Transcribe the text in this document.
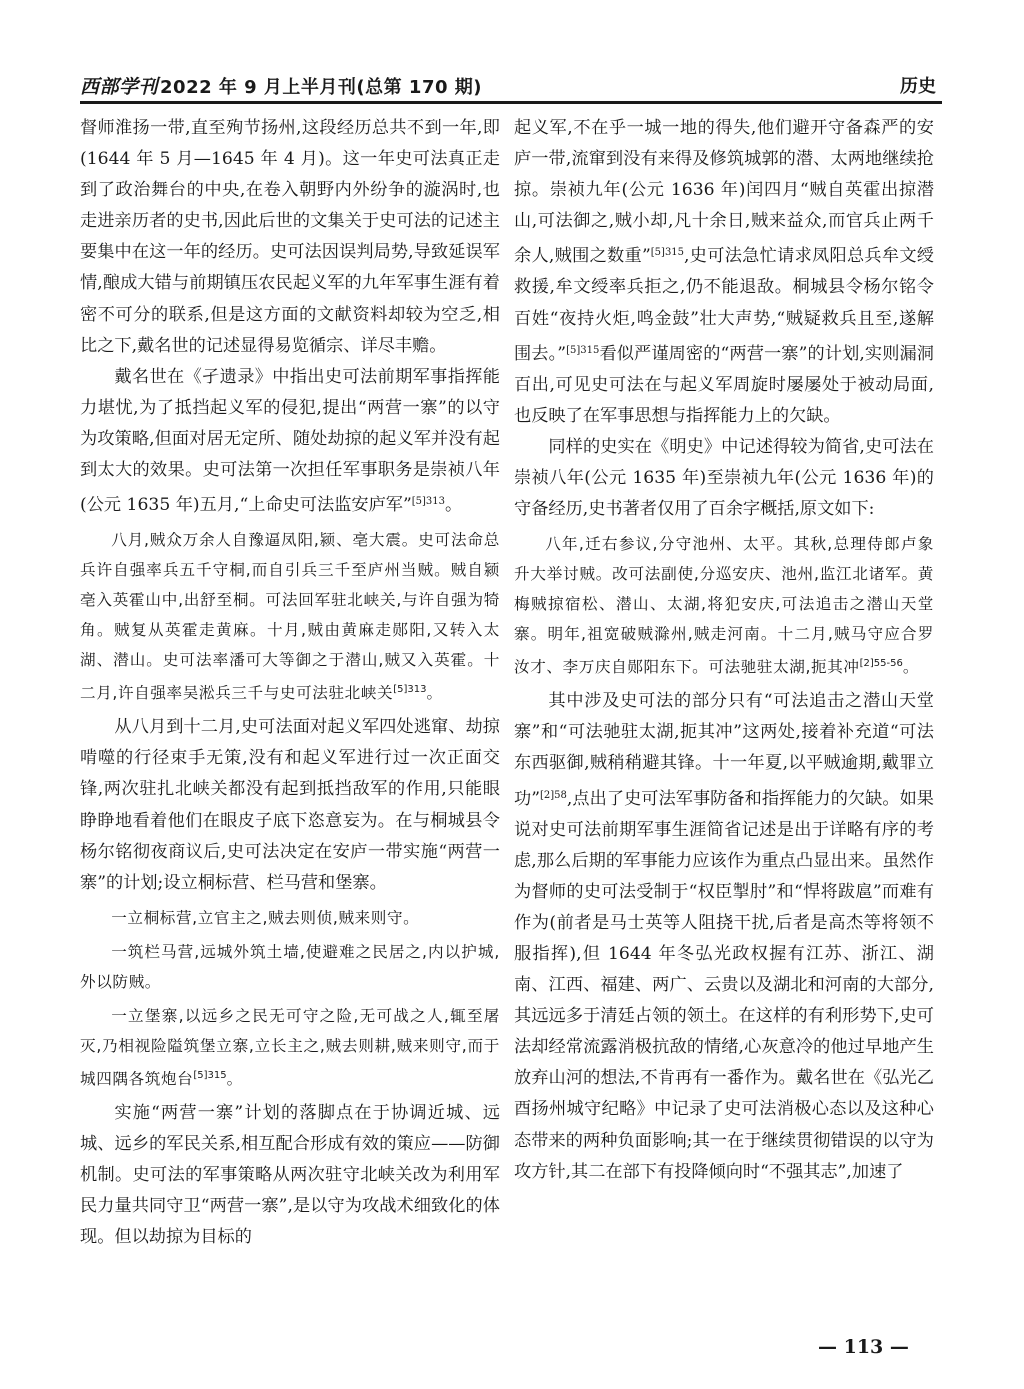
西部学刊 2022 年 9 月上半月刊(总第 170 期)	历史

督师淮扬一带,直至殉节扬州,这段经历总共不到一年,即(1644 年 5 月—1645 年 4 月)。这一年史可法真正走到了政治舞台的中央,在卷入朝野内外纷争的漩涡时,也走进亲历者的史书,因此后世的文集关于史可法的记述主要集中在这一年的经历。史可法因误判局势,导致延误军情,酿成大错与前期镇压农民起义军的九年军事生涯有着密不可分的联系,但是这方面的文献资料却较为空乏,相比之下,戴名世的记述显得易览循宗、详尽丰赡。

戴名世在《孑遗录》中指出史可法前期军事指挥能力堪忧,为了抵挡起义军的侵犯,提出“两营一寨”的以守为攻策略,但面对居无定所、随处劫掠的起义军并没有起到太大的效果。史可法第一次担任军事职务是崇祯八年(公元 1635 年)五月,“上命史可法监安庐军”$^{[5]313}$。

八月,贼众万余人自豫逼凤阳,颍、亳大震。史可法命总兵许自强率兵五千守桐,而自引兵三千至庐州当贼。贼自颍亳入英霍山中,出舒至桐。可法回军驻北峡关,与许自强为犄角。贼复从英霍走黄麻。十月,贼由黄麻走郧阳,又转入太湖、潜山。史可法率潘可大等御之于潜山,贼又入英霍。十二月,许自强率吴淞兵三千与史可法驻北峡关$^{[5]313}$。

从八月到十二月,史可法面对起义军四处逃窜、劫掠啃噬的行径束手无策,没有和起义军进行过一次正面交锋,两次驻扎北峡关都没有起到抵挡敌军的作用,只能眼睁睁地看着他们在眼皮子底下恣意妄为。在与桐城县令杨尔铭彻夜商议后,史可法决定在安庐一带实施“两营一寨”的计划;设立桐标营、栏马营和堡寨。

一立桐标营,立官主之,贼去则侦,贼来则守。

一筑栏马营,远城外筑土墙,使避难之民居之,内以护城,外以防贼。

一立堡寨,以远乡之民无可守之险,无可战之人,辄至屠灭,乃相视险隘筑堡立寨,立长主之,贼去则耕,贼来则守,而于城四隅各筑炮台$^{[5]315}$。

实施“两营一寨”计划的落脚点在于协调近城、远城、远乡的军民关系,相互配合形成有效的策应——防御机制。史可法的军事策略从两次驻守北峡关改为利用军民力量共同守卫“两营一寨”,是以守为攻战术细致化的体现。但以劫掠为目标的

起义军,不在乎一城一地的得失,他们避开守备森严的安庐一带,流窜到没有来得及修筑城郭的潜、太两地继续抢掠。崇祯九年(公元 1636 年)闰四月“贼自英霍出掠潜山,可法御之,贼小却,凡十余日,贼来益众,而官兵止两千余人,贼围之数重”$^{[5]315}$,史可法急忙请求凤阳总兵牟文绶救援,牟文绶率兵拒之,仍不能退敌。桐城县令杨尔铭令百姓“夜持火炬,鸣金鼓”壮大声势,“贼疑救兵且至,遂解围去。”$^{[5]315}$看似严谨周密的“两营一寨”的计划,实则漏洞百出,可见史可法在与起义军周旋时屡屡处于被动局面,也反映了在军事思想与指挥能力上的欠缺。

同样的史实在《明史》中记述得较为简省,史可法在崇祯八年(公元 1635 年)至崇祯九年(公元 1636 年)的守备经历,史书著者仅用了百余字概括,原文如下:

八年,迁右参议,分守池州、太平。其秋,总理侍郎卢象升大举讨贼。改可法副使,分巡安庆、池州,监江北诸军。黄梅贼掠宿松、潜山、太湖,将犯安庆,可法追击之潜山天堂寨。明年,祖宽破贼滁州,贼走河南。十二月,贼马守应合罗汝才、李万庆自郧阳东下。可法驰驻太湖,扼其冲$^{[2]55-56}$。

其中涉及史可法的部分只有“可法追击之潜山天堂寨”和“可法驰驻太湖,扼其冲”这两处,接着补充道“可法东西驱御,贼稍稍避其锋。十一年夏,以平贼逾期,戴罪立功”$^{[2]58}$,点出了史可法军事防备和指挥能力的欠缺。如果说对史可法前期军事生涯简省记述是出于详略有序的考虑,那么后期的军事能力应该作为重点凸显出来。虽然作为督师的史可法受制于“权臣掣肘”和“悍将跋扈”而难有作为(前者是马士英等人阻挠干扰,后者是高杰等将领不服指挥),但 1644 年冬弘光政权握有江苏、浙江、湖南、江西、福建、两广、云贵以及湖北和河南的大部分,其远远多于清廷占领的领土。在这样的有利形势下,史可法却经常流露消极抗敌的情绪,心灰意冷的他过早地产生放弃山河的想法,不肯再有一番作为。戴名世在《弘光乙酉扬州城守纪略》中记录了史可法消极心态以及这种心态带来的两种负面影响;其一在于继续贯彻错误的以守为攻方针,其二在部下有投降倾向时“不强其志”,加速了

— 113 —
